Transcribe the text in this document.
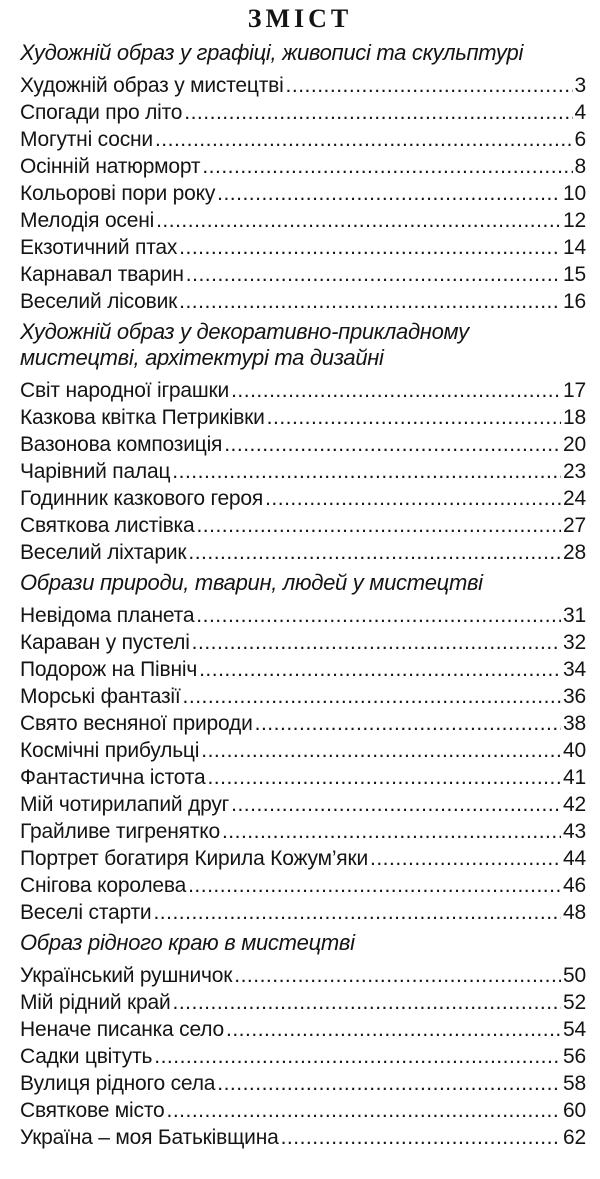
ЗМІСТ

Художній образ у графіці, живописі та скульптурі

Художній образ у мистецтві .....	3
Спогади про літо .....	4
Могутні сосни .....	6
Осінній натюрморт .....	8
Кольорові пори року .....	10
Мелодія осені .....	12
Екзотичний птах .....	14
Карнавал тварин .....	15
Веселий лісовик .....	16

Художній образ у декоративно-прикладному
мистецтві, архітектурі та дизайні

Світ народної іграшки .....	17
Казкова квітка Петриківки .....	18
Вазонова композиція .....	20
Чарівний палац .....	23
Годинник казкового героя .....	24
Святкова листівка .....	27
Веселий ліхтарик .....	28

Образи природи, тварин, людей у мистецтві

Невідома планета .....	31
Караван у пустелі .....	32
Подорож на Північ .....	34
Морські фантазії .....	36
Свято весняної природи .....	38
Космічні прибульці .....	40
Фантастична істота .....	41
Мій чотирилапий друг .....	42
Грайливе тигренятко .....	43
Портрет богатиря Кирила Кожум’яки .....	44
Снігова королева .....	46
Веселі старти .....	48

Образ рідного краю в мистецтві

Український рушничок .....	50
Мій рідний край .....	52
Неначе писанка село .....	54
Садки цвітуть .....	56
Вулиця рідного села .....	58
Святкове місто .....	60
Україна – моя Батьківщина .....	62
